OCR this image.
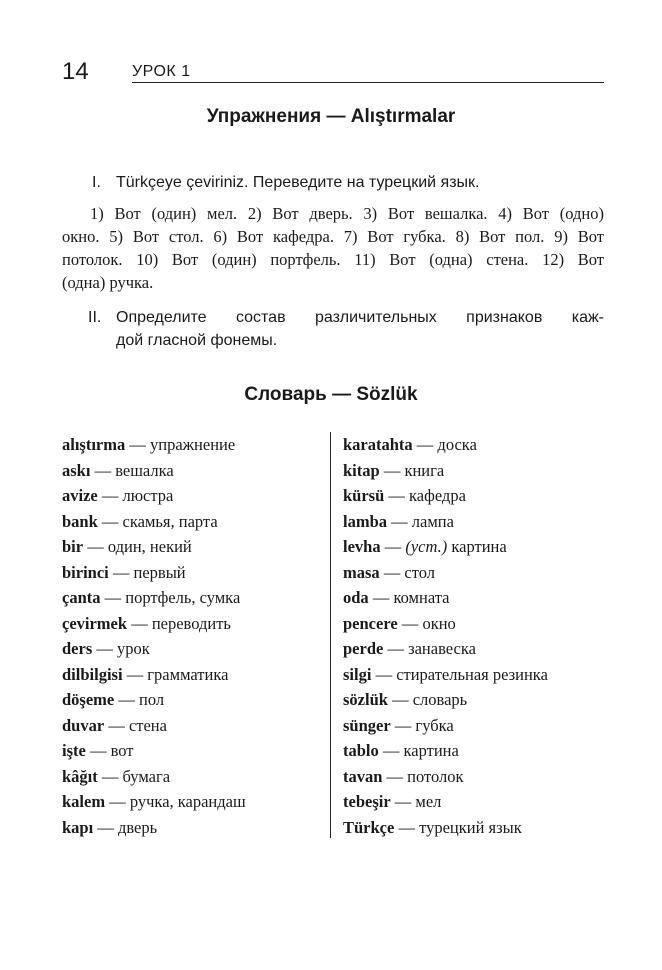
14	УРОК 1
Упражнения — Alıştırmalar
I. Türkçeye çeviriniz. Переведите на турецкий язык.
1) Вот (один) мел. 2) Вот дверь. 3) Вот вешалка. 4) Вот (одно)
окно. 5) Вот стол. 6) Вот кафедра. 7) Вот губка. 8) Вот пол. 9) Вот
потолок. 10) Вот (один) портфель. 11) Вот (одна) стена. 12) Вот
(одна) ручка.
II. Определите состав различительных признаков каж-
дой гласной фонемы.
Словарь — Sözlük
alıştırma — упражнение
askı — вешалка
avize — люстра
bank — скамья, парта
bir — один, некий
birinci — первый
çanta — портфель, сумка
çevirmek — переводить
ders — урок
dilbilgisi — грамматика
döşeme — пол
duvar — стена
işte — вот
kâğıt — бумага
kalem — ручка, карандаш
kapı — дверь
karatahta — доска
kitap — книга
kürsü — кафедра
lamba — лампа
levha — (уст.) картина
masa — стол
oda — комната
pencere — окно
perde — занавеска
silgi — стирательная резинка
sözlük — словарь
sünger — губка
tablo — картина
tavan — потолок
tebeşir — мел
Türkçe — турецкий язык
